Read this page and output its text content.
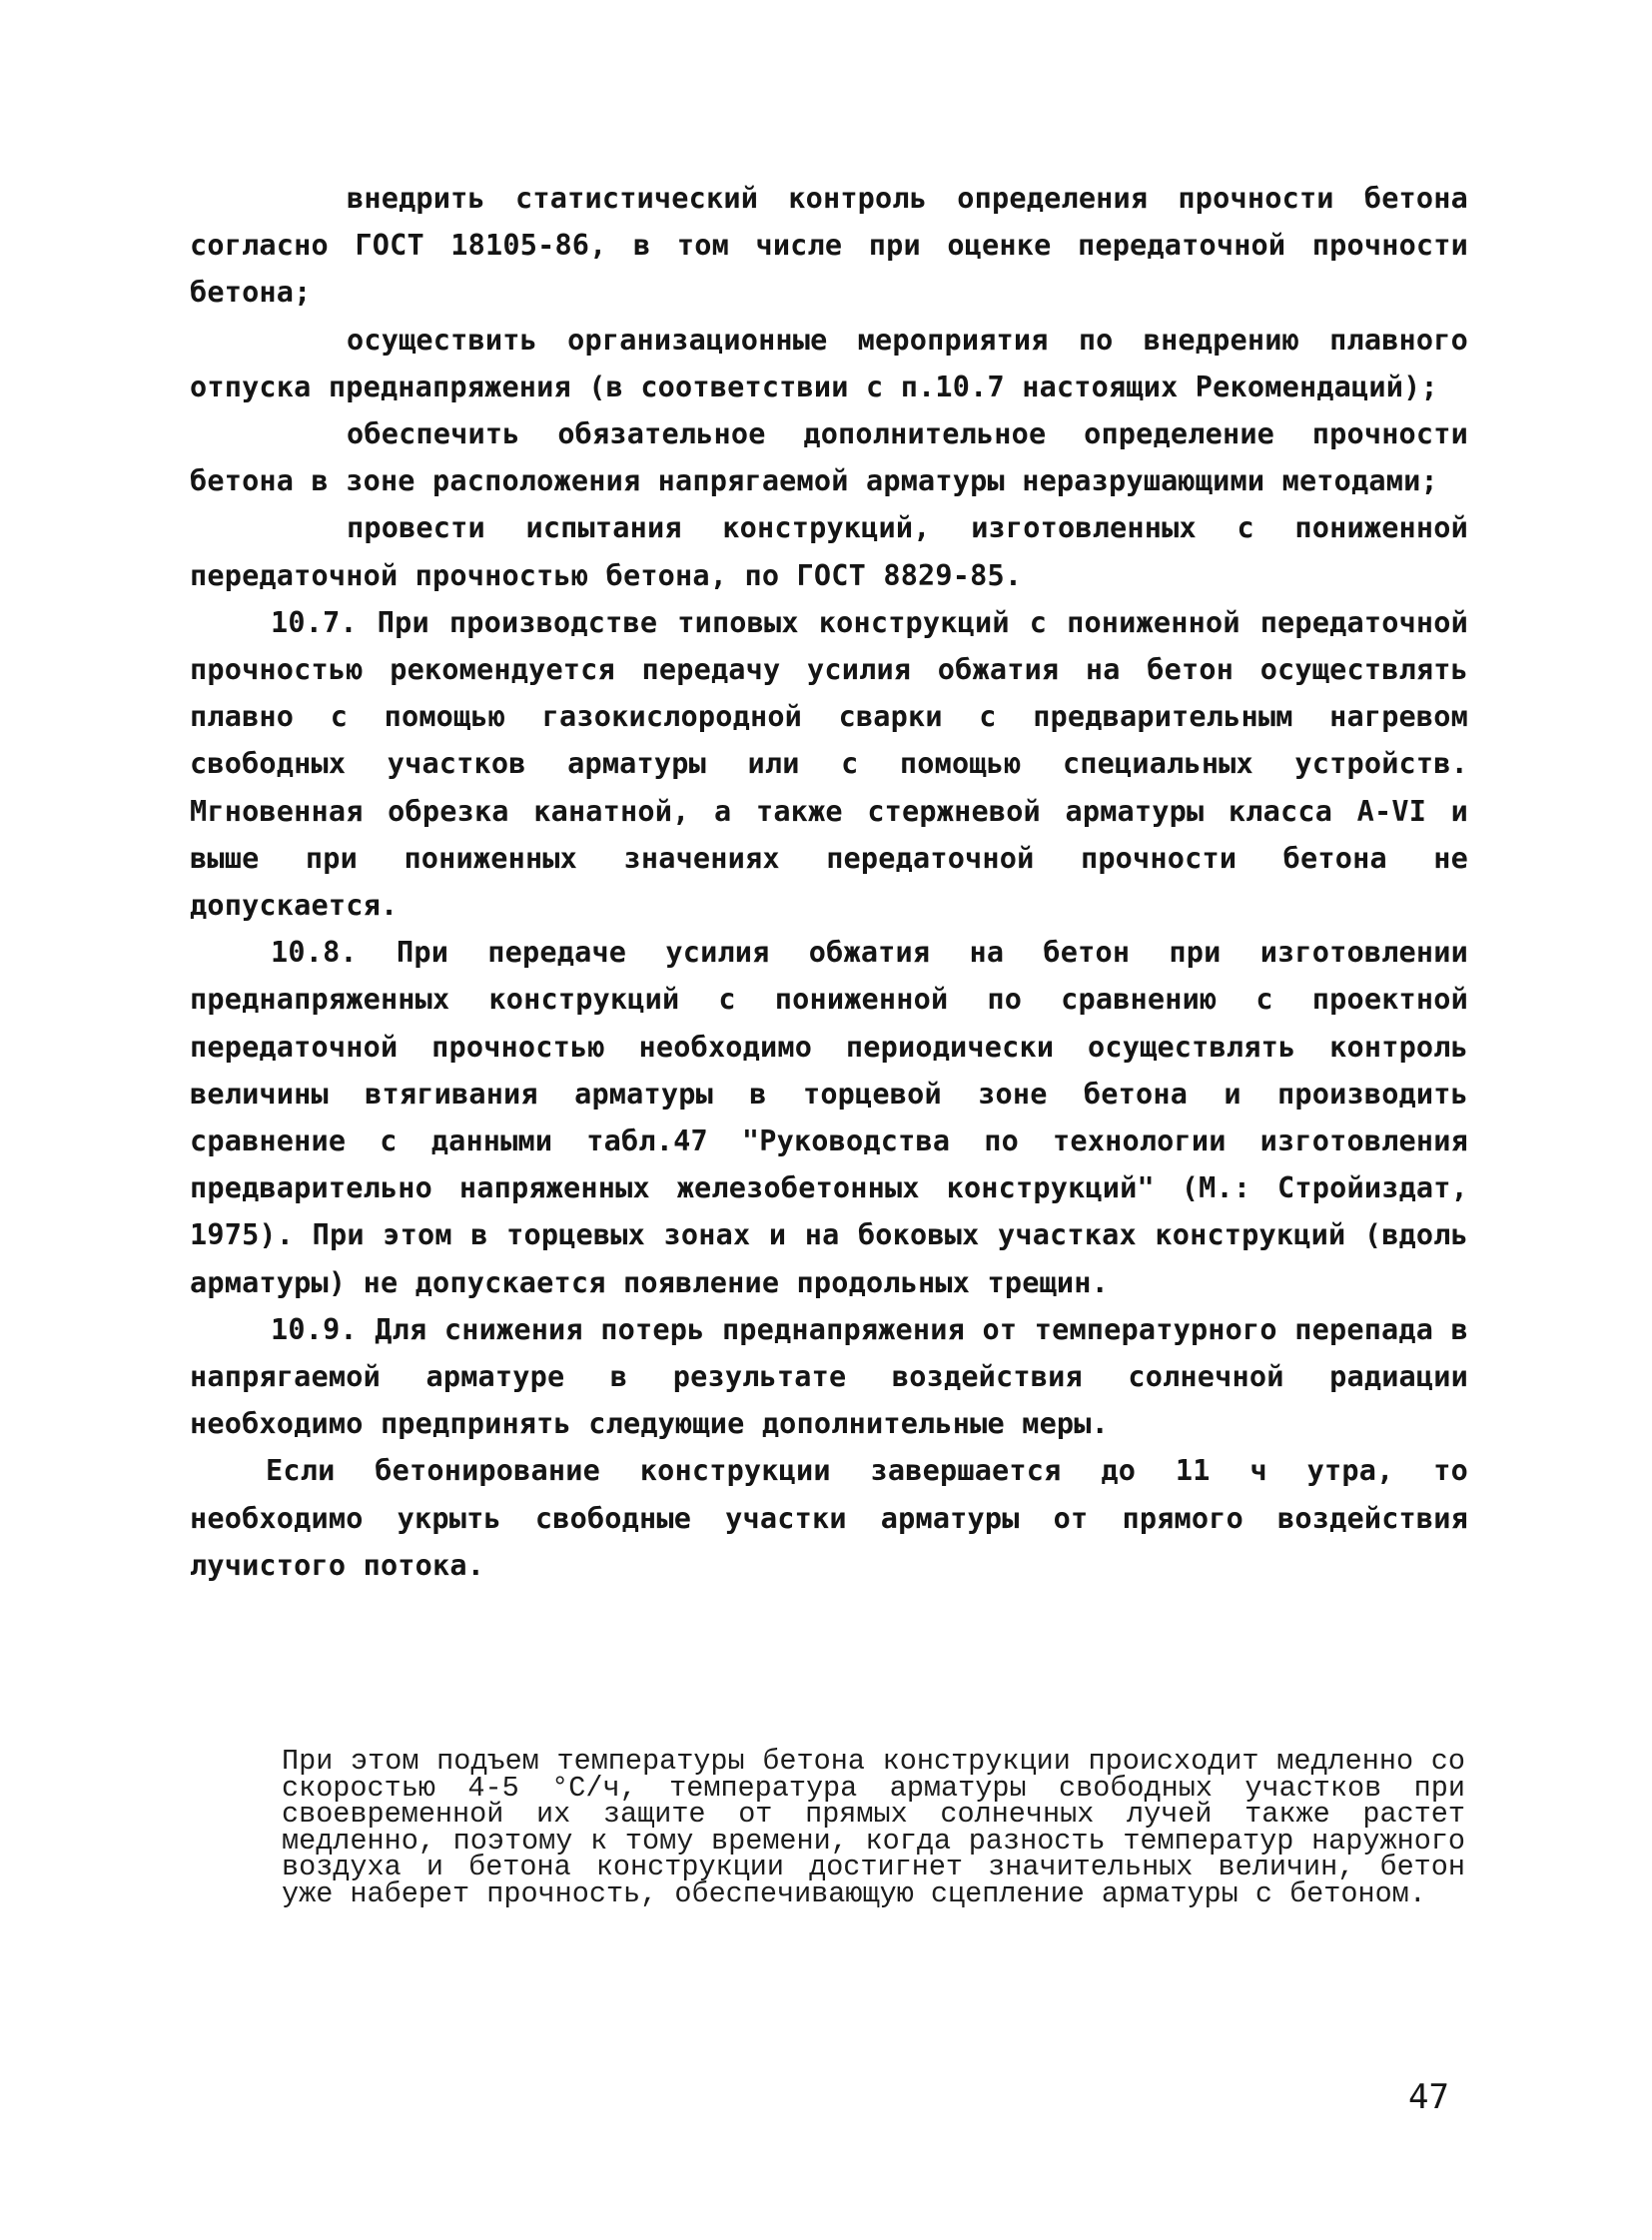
внедрить статистический контроль определения прочности бетона согласно ГОСТ 18105-86, в том числе при оценке передаточной прочности бетона;

осуществить организационные мероприятия по внедрению плавного отпуска преднапряжения (в соответствии с п.10.7 настоящих Рекомендаций);

обеспечить обязательное дополнительное определение прочности бетона в зоне расположения напрягаемой арматуры неразрушающими методами;

провести испытания конструкций, изготовленных с пониженной передаточной прочностью бетона, по ГОСТ 8829-85.

10.7. При производстве типовых конструкций с пониженной передаточной прочностью рекомендуется передачу усилия обжатия на бетон осуществлять плавно с помощью газокислородной сварки с предварительным нагревом свободных участков арматуры или с помощью специальных устройств. Мгновенная обрезка канатной, а также стержневой арматуры класса А-VI и выше при пониженных значениях передаточной прочности бетона не допускается.

10.8. При передаче усилия обжатия на бетон при изготовлении преднапряженных конструкций с пониженной по сравнению с проектной передаточной прочностью необходимо периодически осуществлять контроль величины втягивания арматуры в торцевой зоне бетона и производить сравнение с данными табл.47 "Руководства по технологии изготовления предварительно напряженных железобетонных конструкций" (М.: Стройиздат, 1975). При этом в торцевых зонах и на боковых участках конструкций (вдоль арматуры) не допускается появление продольных трещин.

10.9. Для снижения потерь преднапряжения от температурного перепада в напрягаемой арматуре в результате воздействия солнечной радиации необходимо предпринять следующие дополнительные меры.

Если бетонирование конструкции завершается до 11 ч утра, то необходимо укрыть свободные участки арматуры от прямого воздействия лучистого потока.

При этом подъем температуры бетона конструкции происходит медленно со скоростью 4-5 °С/ч, температура арматуры свободных участков при своевременной их защите от прямых солнечных лучей также растет медленно, поэтому к тому времени, когда разность температур наружного воздуха и бетона конструкции достигнет значительных величин, бетон уже наберет прочность, обеспечивающую сцепление арматуры с бетоном.

47
